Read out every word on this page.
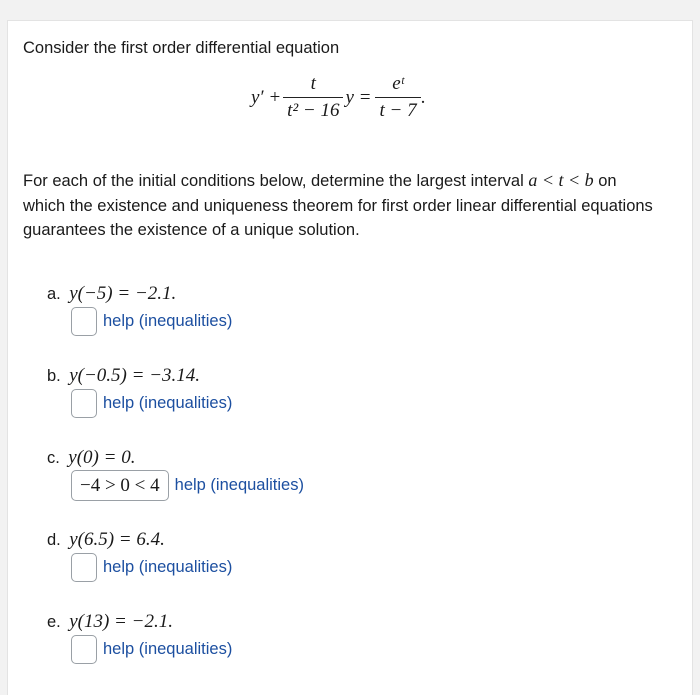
Consider the first order differential equation
$y' + \frac{t}{\text{t² − 16}}$ $y = \frac{\text{eᵗ}}{t - 7}$ .
For each of the initial conditions below, determine the largest interval a < t < b on
which the existence and uniqueness theorem for first order linear differential equations
guarantees the existence of a unique solution.
a. y(−5) = −2.1.
help (inequalities)
b. y(−0.5) = −3.14.
help (inequalities)
c. y(0) = 0.
−4 > 0 < 4 help (inequalities)
d. y(6.5) = 6.4.
help (inequalities)
e. y(13) = −2.1.
help (inequalities)
